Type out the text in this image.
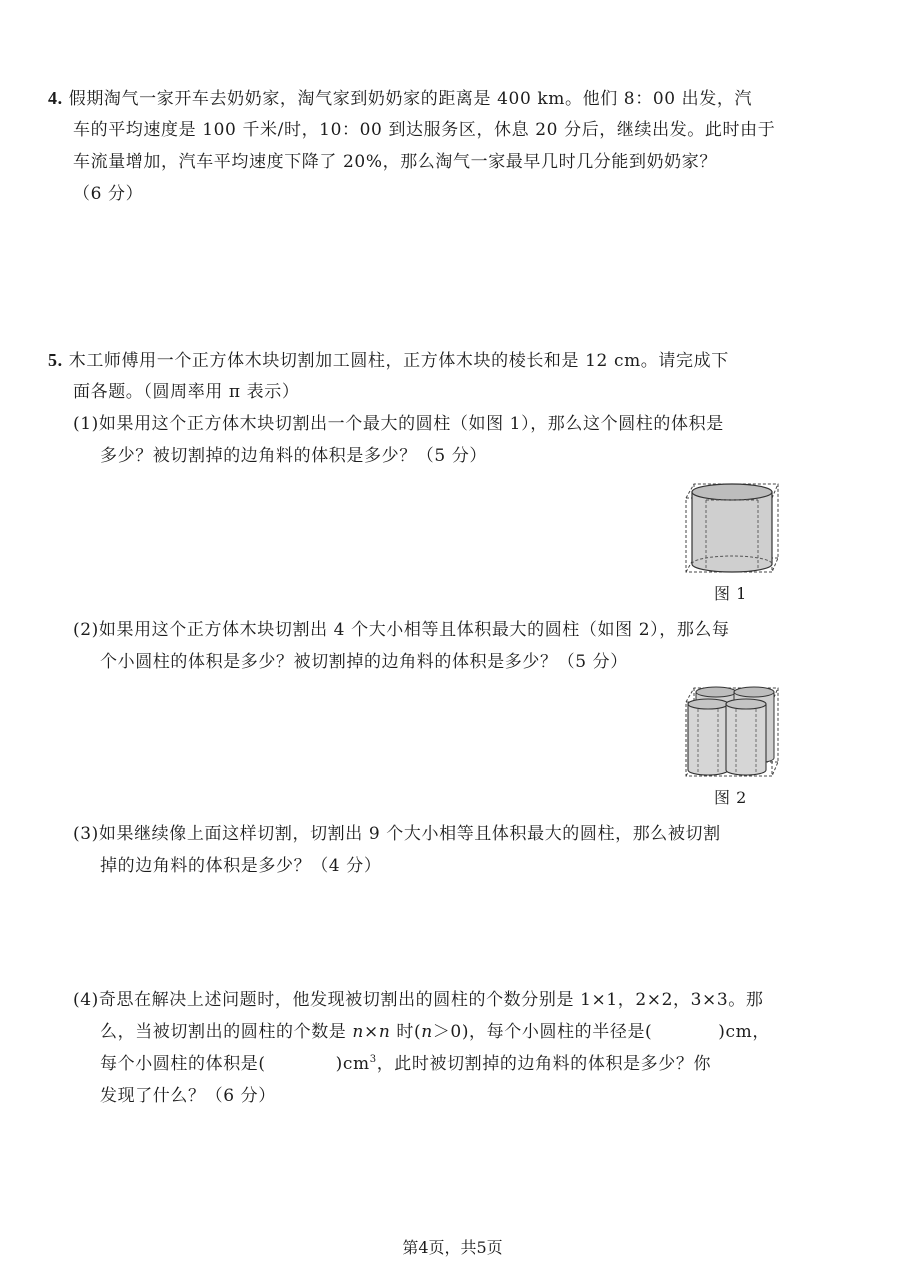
4. 假期淘气一家开车去奶奶家，淘气家到奶奶家的距离是 400 km。他们 8：00 出发，汽
车的平均速度是 100 千米/时，10：00 到达服务区，休息 20 分后，继续出发。此时由于
车流量增加，汽车平均速度下降了 20%，那么淘气一家最早几时几分能到奶奶家？
（6 分）
5. 木工师傅用一个正方体木块切割加工圆柱，正方体木块的棱长和是 12 cm。请完成下
面各题。（圆周率用 π 表示）
(1)如果用这个正方体木块切割出一个最大的圆柱（如图 1），那么这个圆柱的体积是
多少？被切割掉的边角料的体积是多少？（5 分）
图 1
(2)如果用这个正方体木块切割出 4 个大小相等且体积最大的圆柱（如图 2），那么每
个小圆柱的体积是多少？被切割掉的边角料的体积是多少？（5 分）
图 2
(3)如果继续像上面这样切割，切割出 9 个大小相等且体积最大的圆柱，那么被切割
掉的边角料的体积是多少？（4 分）
(4)奇思在解决上述问题时，他发现被切割出的圆柱的个数分别是 1×1，2×2，3×3。那
么，当被切割出的圆柱的个数是 n×n 时(n＞0)，每个小圆柱的半径是(	)cm，
每个小圆柱的体积是(	)$cm^3$，此时被切割掉的边角料的体积是多少？你
发现了什么？（6 分）
第4页，共5页
